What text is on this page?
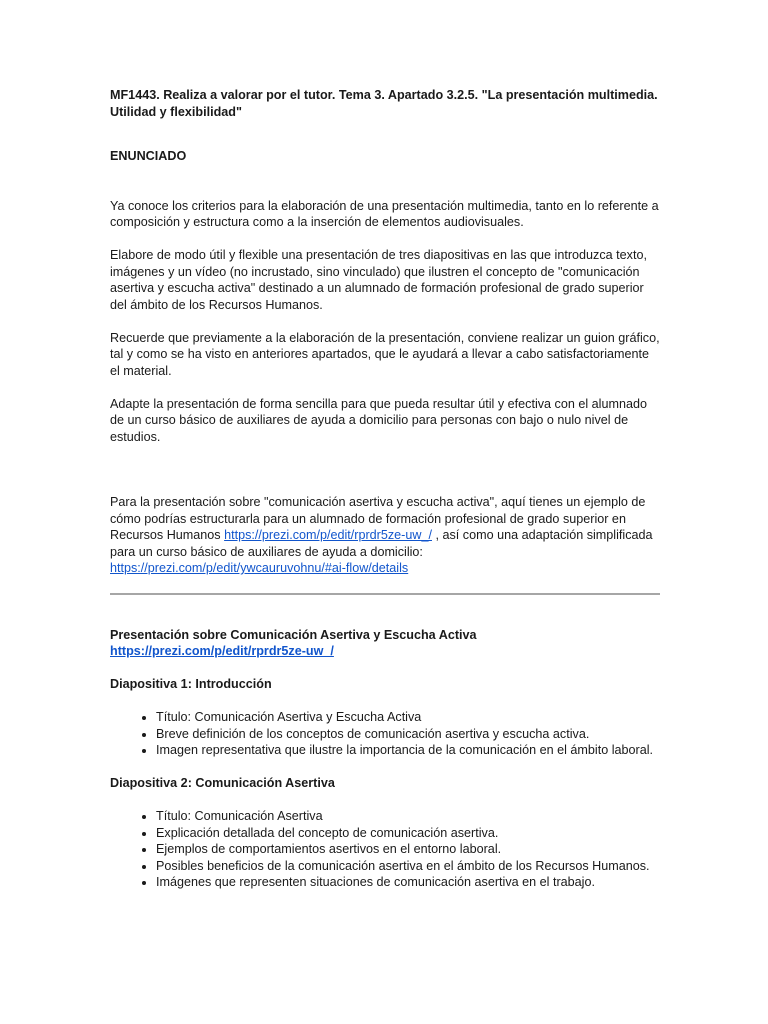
MF1443. Realiza a valorar por el tutor. Tema 3. Apartado 3.2.5. "La presentación multimedia. Utilidad y flexibilidad"

ENUNCIADO

Ya conoce los criterios para la elaboración de una presentación multimedia, tanto en lo referente a composición y estructura como a la inserción de elementos audiovisuales.

Elabore de modo útil y flexible una presentación de tres diapositivas en las que introduzca texto, imágenes y un vídeo (no incrustado, sino vinculado) que ilustren el concepto de "comunicación asertiva y escucha activa" destinado a un alumnado de formación profesional de grado superior del ámbito de los Recursos Humanos.

Recuerde que previamente a la elaboración de la presentación, conviene realizar un guion gráfico, tal y como se ha visto en anteriores apartados, que le ayudará a llevar a cabo satisfactoriamente el material.

Adapte la presentación de forma sencilla para que pueda resultar útil y efectiva con el alumnado de un curso básico de auxiliares de ayuda a domicilio para personas con bajo o nulo nivel de estudios.

Para la presentación sobre "comunicación asertiva y escucha activa", aquí tienes un ejemplo de cómo podrías estructurarla para un alumnado de formación profesional de grado superior en Recursos Humanos https://prezi.com/p/edit/rprdr5ze-uw_/ , así como una adaptación simplificada para un curso básico de auxiliares de ayuda a domicilio: https://prezi.com/p/edit/ywcauruvohnu/#ai-flow/details

Presentación sobre Comunicación Asertiva y Escucha Activa

https://prezi.com/p/edit/rprdr5ze-uw_/

Diapositiva 1: Introducción

• Título: Comunicación Asertiva y Escucha Activa
• Breve definición de los conceptos de comunicación asertiva y escucha activa.
• Imagen representativa que ilustre la importancia de la comunicación en el ámbito laboral.

Diapositiva 2: Comunicación Asertiva

• Título: Comunicación Asertiva
• Explicación detallada del concepto de comunicación asertiva.
• Ejemplos de comportamientos asertivos en el entorno laboral.
• Posibles beneficios de la comunicación asertiva en el ámbito de los Recursos Humanos.
• Imágenes que representen situaciones de comunicación asertiva en el trabajo.
